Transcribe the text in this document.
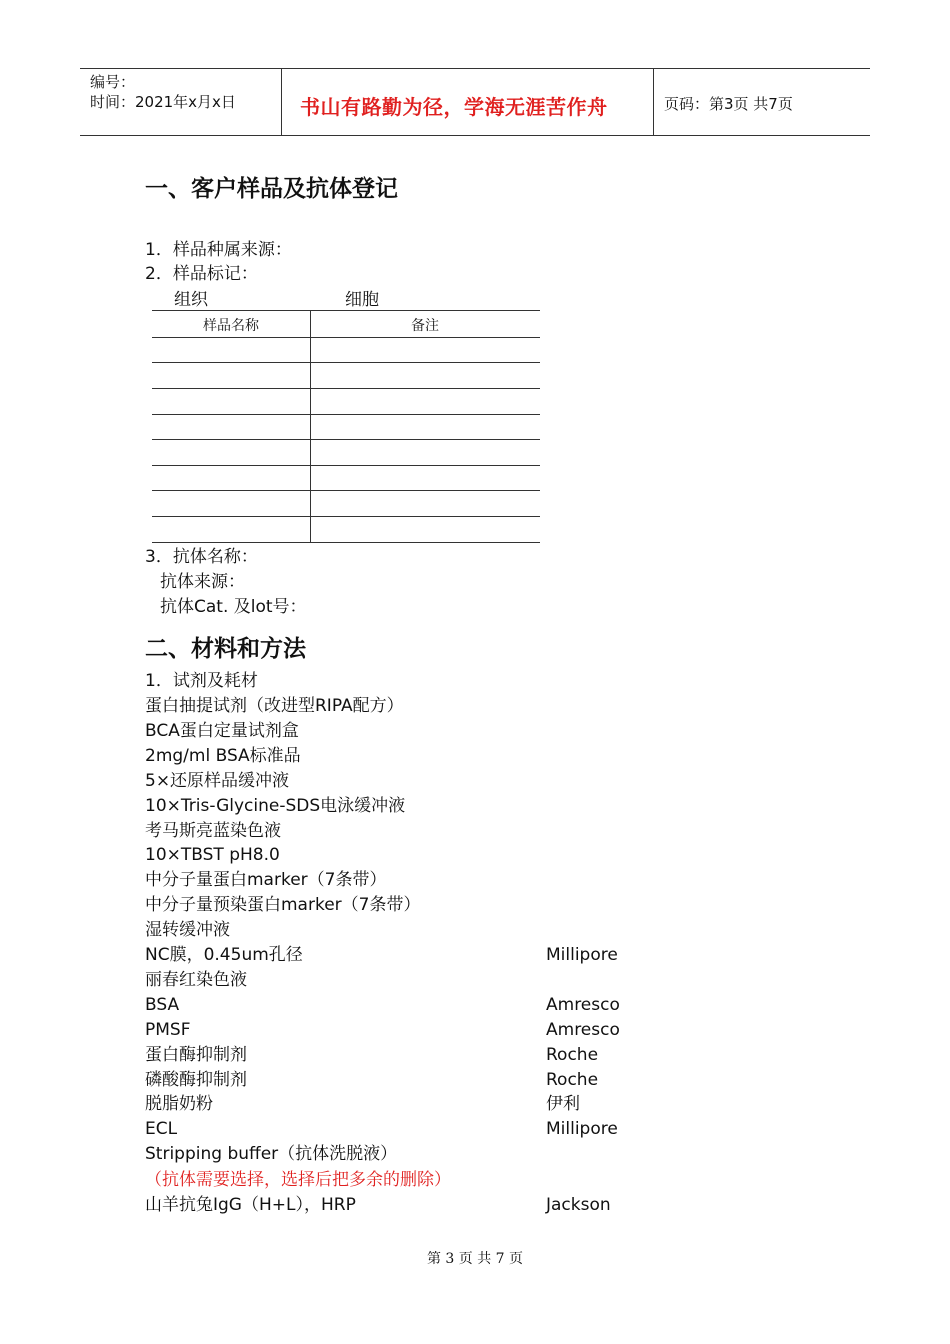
编号：
时间：2021年x月x日	书山有路勤为径，学海无涯苦作舟	页码：第3页 共7页
一、客户样品及抗体登记
1．样品种属来源：
2．样品标记：
组织	细胞
样品名称	备注
3．抗体名称：
抗体来源：
抗体Cat. 及lot号：
二、材料和方法
1．试剂及耗材
蛋白抽提试剂（改进型RIPA配方）
BCA蛋白定量试剂盒
2mg/ml BSA标准品
5×还原样品缓冲液
10×Tris-Glycine-SDS电泳缓冲液
考马斯亮蓝染色液
10×TBST pH8.0
中分子量蛋白marker（7条带）
中分子量预染蛋白marker（7条带）
湿转缓冲液
NC膜，0.45um孔径	Millipore
丽春红染色液
BSA	Amresco
PMSF	Amresco
蛋白酶抑制剂	Roche
磷酸酶抑制剂	Roche
脱脂奶粉	伊利
ECL	Millipore
Stripping buffer（抗体洗脱液）
（抗体需要选择，选择后把多余的删除）
山羊抗兔IgG（H+L），HRP	Jackson
第 3 页 共 7 页
